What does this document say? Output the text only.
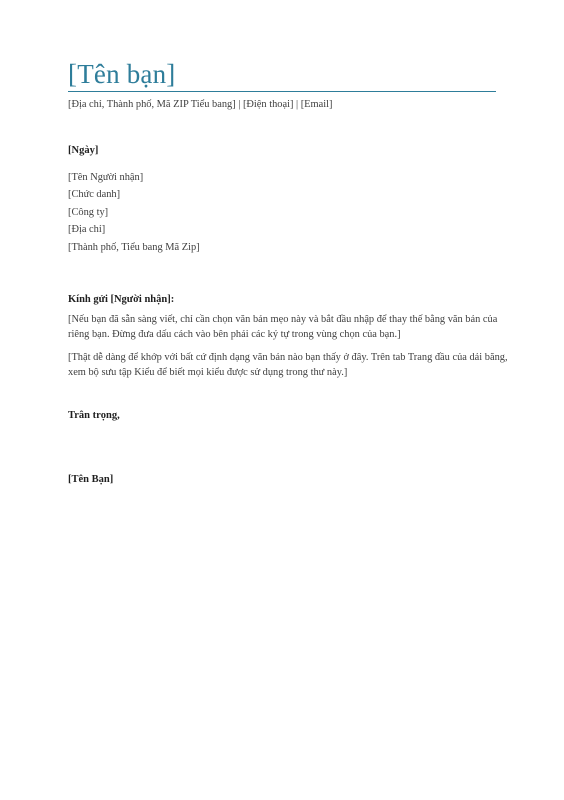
[Tên bạn]
[Địa chỉ, Thành phố, Mã ZIP Tiểu bang] | [Điện thoại] | [Email]
[Ngày]
[Tên Người nhận]
[Chức danh]
[Công ty]
[Địa chỉ]
[Thành phố, Tiểu bang Mã Zip]
Kính gửi [Người nhận]:
[Nếu bạn đã sẵn sàng viết, chỉ cần chọn văn bản mẹo này và bắt đầu nhập để thay thế bằng văn bản của riêng bạn. Đừng đưa dấu cách vào bên phải các ký tự trong vùng chọn của bạn.]
[Thật dễ dàng để khớp với bất cứ định dạng văn bản nào bạn thấy ở đây. Trên tab Trang đầu của dải băng, xem bộ sưu tập Kiểu để biết mọi kiểu được sử dụng trong thư này.]
Trân trọng,
[Tên Bạn]
